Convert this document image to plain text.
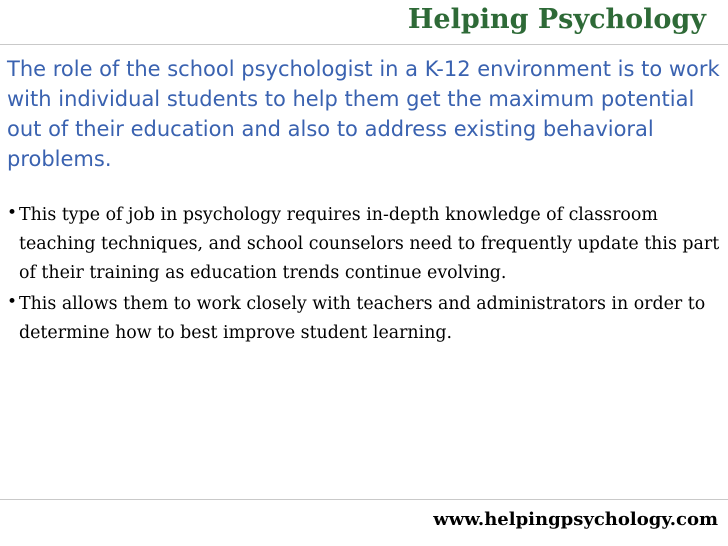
Helping Psychology

The role of the school psychologist in a K-12 environment is to work with individual students to help them get the maximum potential out of their education and also to address existing behavioral problems.

• This type of job in psychology requires in-depth knowledge of classroom teaching techniques, and school counselors need to frequently update this part of their training as education trends continue evolving.
• This allows them to work closely with teachers and administrators in order to determine how to best improve student learning.
www.helpingpsychology.com
